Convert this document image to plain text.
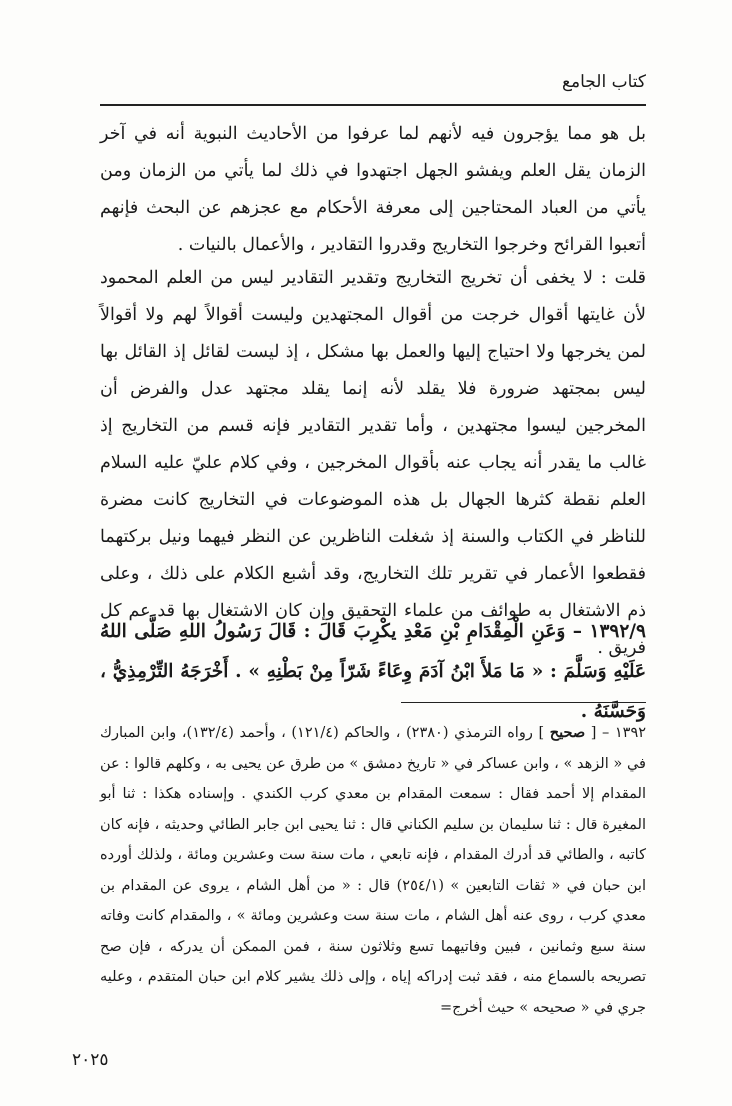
كتاب الجامع

بل هو مما يؤجرون فيه لأنهم لما عرفوا من الأحاديث النبوية أنه في آخر الزمان يقل العلم ويفشو الجهل اجتهدوا في ذلك لما يأتي من الزمان ومن يأتي من العباد المحتاجين إلى معرفة الأحكام مع عجزهم عن البحث فإنهم أتعبوا القرائح وخرجوا التخاريج وقدروا التقادير ، والأعمال بالنيات .

قلت : لا يخفى أن تخريج التخاريج وتقدير التقادير ليس من العلم المحمود لأن غايتها أقوال خرجت من أقوال المجتهدين وليست أقوالاً لهم ولا أقوالاً لمن يخرجها ولا احتياج إليها والعمل بها مشكل ، إذ ليست لقائل إذ القائل بها ليس بمجتهد ضرورة فلا يقلد لأنه إنما يقلد مجتهد عدل والفرض أن المخرجين ليسوا مجتهدين ، وأما تقدير التقادير فإنه قسم من التخاريج إذ غالب ما يقدر أنه يجاب عنه بأقوال المخرجين ، وفي كلام عليّ عليه السلام العلم نقطة كثرها الجهال بل هذه الموضوعات في التخاريج كانت مضرة للناظر في الكتاب والسنة إذ شغلت الناظرين عن النظر فيهما ونيل بركتهما فقطعوا الأعمار في تقرير تلك التخاريج، وقد أشبع الكلام على ذلك ، وعلى ذم الاشتغال به طوائف من علماء التحقيق وإن كان الاشتغال بها قد عم كل فريق .

١٣٩٢/٩ – وَعَنِ الْمِقْدَامِ بْنِ مَعْدِ يكْرِبَ قَالَ : قَالَ رَسُولُ اللهِ صَلَّى اللهُ عَلَيْهِ وَسَلَّمَ : « مَا مَلأَ ابْنُ آدَمَ وِعَاءً شَرّاً مِنْ بَطْنِهِ » . أَخْرَجَهُ التِّرْمِذِيُّ ، وَحَسَّنَهُ .

١٣٩٢ – [ صحيح ] رواه الترمذي (٢٣٨٠) ، والحاكم (١٢١/٤) ، وأحمد (١٣٢/٤)، وابن المبارك في « الزهد » ، وابن عساكر في « تاريخ دمشق » من طرق عن يحيى به ، وكلهم قالوا : عن المقدام إلا أحمد فقال : سمعت المقدام بن معدي كرب الكندي . وإسناده هكذا : ثنا أبو المغيرة قال : ثنا سليمان بن سليم الكناني قال : ثنا يحيى ابن جابر الطائي وحديثه ، فإنه كان كاتبه ، والطائي قد أدرك المقدام ، فإنه تابعي ، مات سنة ست وعشرين ومائة ، ولذلك أورده ابن حبان في « ثقات التابعين » (٢٥٤/١) قال : « من أهل الشام ، يروى عن المقدام بن معدي كرب ، روى عنه أهل الشام ، مات سنة ست وعشرين ومائة » ، والمقدام كانت وفاته سنة سبع وثمانين ، فبين وفاتيهما تسع وثلاثون سنة ، فمن الممكن أن يدركه ، فإن صح تصريحه بالسماع منه ، فقد ثبت إدراكه إياه ، وإلى ذلك يشير كلام ابن حبان المتقدم ، وعليه جري في « صحيحه » حيث أخرج=

٢٠٢٥
